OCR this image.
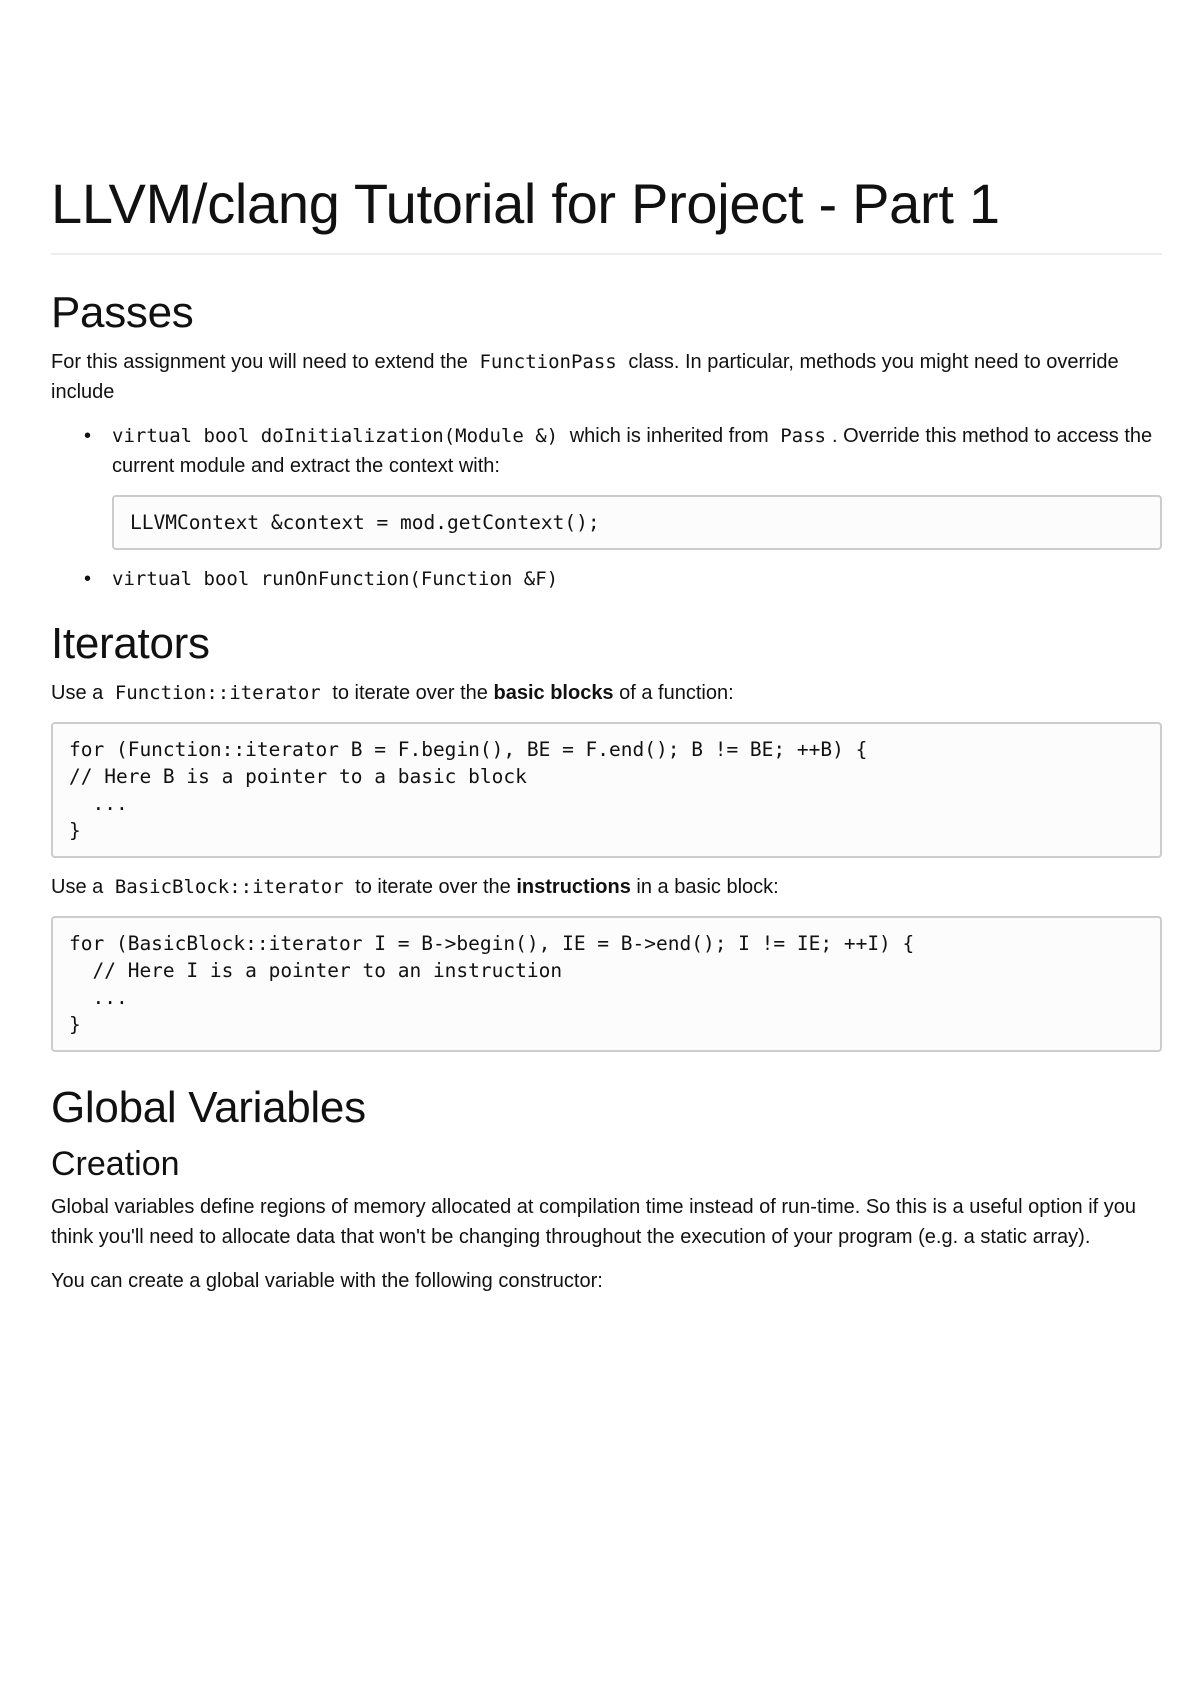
LLVM/clang Tutorial for Project - Part 1
Passes

For this assignment you will need to extend the FunctionPass class. In particular, methods you might need to override include

• virtual bool doInitialization(Module &) which is inherited from Pass . Override this method to access the current module and extract the context with:
LLVMContext &context = mod.getContext();
• virtual bool runOnFunction(Function &F)
Iterators

Use a Function::iterator to iterate over the basic blocks of a function:

for (Function::iterator B = F.begin(), BE = F.end(); B != BE; ++B) {
// Here B is a pointer to a basic block
...
}

Use a BasicBlock::iterator to iterate over the instructions in a basic block:

for (BasicBlock::iterator I = B->begin(), IE = B->end(); I != IE; ++I) {
// Here I is a pointer to an instruction
...
}
Global Variables
Creation

Global variables define regions of memory allocated at compilation time instead of run-time. So this is a useful option if you think you'll need to allocate data that won't be changing throughout the execution of your program (e.g. a static array).

You can create a global variable with the following constructor:
